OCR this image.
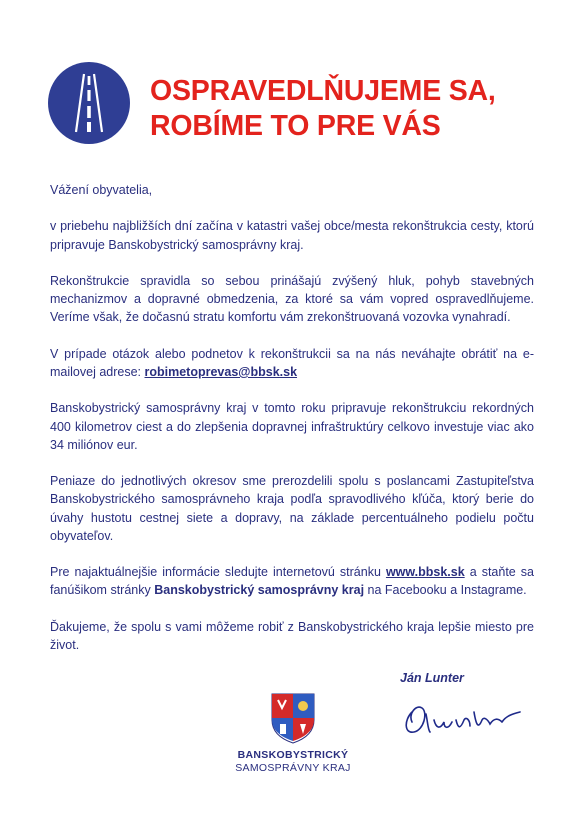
OSPRAVEDLŇUJEME SA,
ROBÍME TO PRE VÁS

Vážení obyvatelia,

v priebehu najbližších dní začína v katastri vašej obce/mesta rekonštrukcia cesty, ktorú pripravuje Banskobystrický samosprávny kraj.

Rekonštrukcie spravidla so sebou prinášajú zvýšený hluk, pohyb stavebných mechanizmov a dopravné obmedzenia, za ktoré sa vám vopred ospravedlňujeme. Veríme však, že dočasnú stratu komfortu vám zrekonštruovaná vozovka vynahradí.

V prípade otázok alebo podnetov k rekonštrukcii sa na nás neváhajte obrátiť na e-mailovej adrese: robimetoprevas@bbsk.sk

Banskobystrický samosprávny kraj v tomto roku pripravuje rekonštrukciu rekordných 400 kilometrov ciest a do zlepšenia dopravnej infraštruktúry celkovo investuje viac ako 34 miliónov eur.

Peniaze do jednotlivých okresov sme prerozdelili spolu s poslancami Zastupiteľstva Banskobystrického samosprávneho kraja podľa spravodlivého kľúča, ktorý berie do úvahy hustotu cestnej siete a dopravy, na základe percentuálneho podielu počtu obyvateľov.

Pre najaktuálnejšie informácie sledujte internetovú stránku www.bbsk.sk a staňte sa fanúšikom stránky Banskobystrický samosprávny kraj na Facebooku a Instagrame.

Ďakujeme, že spolu s vami môžeme robiť z Banskobystrického kraja lepšie miesto pre život.

Ján Lunter
BANSKOBYSTRICKÝ
SAMOSPRÁVNY KRAJ
